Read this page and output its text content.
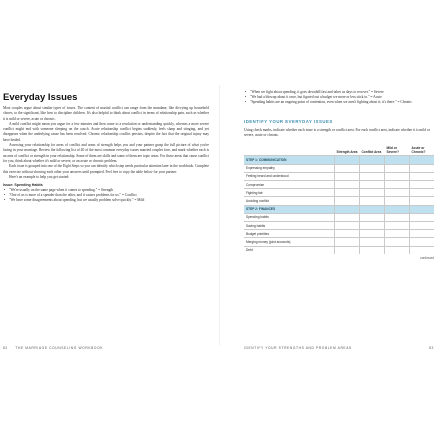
Everyday Issues

Most couples argue about similar types of issues. The content of marital conflict can range from the mundane, like divvying up household chores, to the significant, like how to discipline children. It's also helpful to think about conflict in terms of relationship pain, such as whether it is mild or severe, acute or chronic.

A mild conflict might mean you argue for a few minutes and then come to a resolution or understanding quickly, whereas a more severe conflict might end with someone sleeping on the couch. Acute relationship conflict begins suddenly, feels sharp and stinging, and yet disappears when the underlying cause has been resolved. Chronic relationship conflict persists, despite the fact that the original injury may have healed.

Assessing your relationship for areas of conflict and areas of strength helps you and your partner grasp the full picture of what you're facing in your marriage. Review the following list of 40 of the most common everyday issues married couples face, and mark whether each is an area of conflict or strength in your relationship. Some of them are skills and some of them are topic areas. For those areas that cause conflict for you, think about whether it's mild or severe, or an acute or chronic problem.

Each issue is grouped into one of the Eight Steps so you can identify which step needs particular attention later in the workbook. Complete this exercise without showing each other your answers until prompted. Feel free to copy the table below for your partner.

Here's an example to help you get started:

Issue: Spending Habits
• "We're usually on the same page when it comes to spending." = Strength
• "One of us is more of a spender than the other, and it causes problems for us." = Conflict
• "We have some disagreements about spending, but we usually problem solve quickly." = Mild
82 THE MARRIAGE COUNSELING WORKBOOK
• "When we fight about spending, it goes downhill fast and takes us days to recover." = Severe
• "We had a blowup about it once, but figured out a budget we more or less stick to." = Acute
• "Spending habits are an ongoing point of contention, even when we aren't fighting about it; it's there." = Chronic
IDENTIFY YOUR EVERYDAY ISSUES

Using check marks, indicate whether each issue is a strength or conflict area. For each conflict area, indicate whether it is mild or severe, acute or chronic.

	Strength Area	Conflict Area	Mild or Severe?	Acute or Chronic?
STEP 1: COMMUNICATION				
Expressing empathy				
Feeling heard and understood				
Compromise				
Fighting fair				
Avoiding conflict				
STEP 2: FINANCES				
Spending habits				
Saving habits				
Budget priorities				
Merging money (joint accounts)				
Debt				
continued
83
IDENTIFY YOUR STRENGTHS AND PROBLEM AREAS
